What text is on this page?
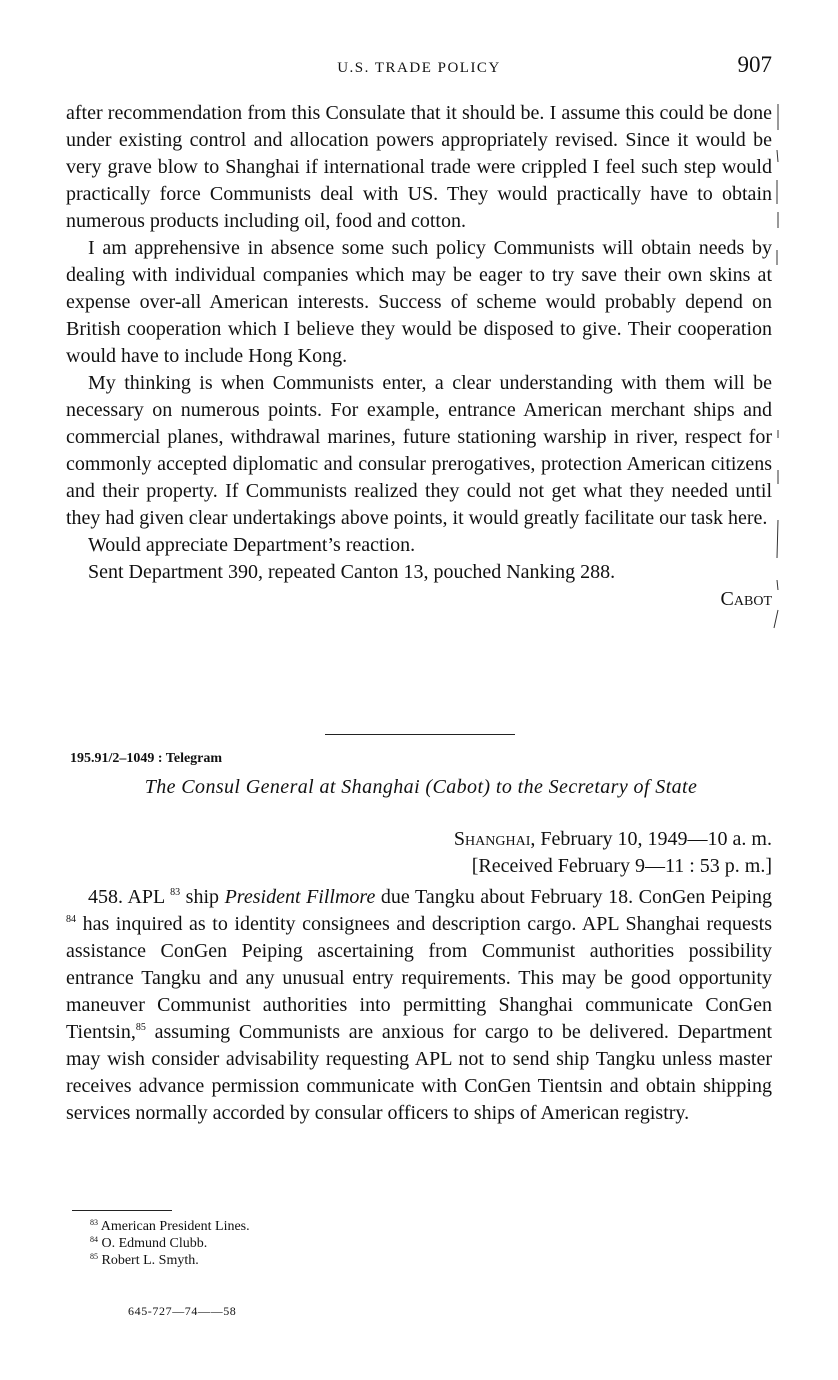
U.S. TRADE POLICY	907

after recommendation from this Consulate that it should be. I assume this could be done under existing control and allocation powers appropriately revised. Since it would be very grave blow to Shanghai if international trade were crippled I feel such step would practically force Communists deal with US. They would practically have to obtain numerous products including oil, food and cotton.

I am apprehensive in absence some such policy Communists will obtain needs by dealing with individual companies which may be eager to try save their own skins at expense over-all American interests. Success of scheme would probably depend on British cooperation which I believe they would be disposed to give. Their cooperation would have to include Hong Kong.

My thinking is when Communists enter, a clear understanding with them will be necessary on numerous points. For example, entrance American merchant ships and commercial planes, withdrawal marines, future stationing warship in river, respect for commonly accepted diplomatic and consular prerogatives, protection American citizens and their property. If Communists realized they could not get what they needed until they had given clear undertakings above points, it would greatly facilitate our task here.

Would appreciate Department’s reaction.

Sent Department 390, repeated Canton 13, pouched Nanking 288.

Cabot

195.91/2–1049 : Telegram
The Consul General at Shanghai (Cabot) to the Secretary of State
Shanghai, February 10, 1949—10 a. m.
[Received February 9—11 : 53 p. m.]

458. APL $^{83}$ ship President Fillmore due Tangku about February 18. ConGen Peiping $^{84}$ has inquired as to identity consignees and description cargo. APL Shanghai requests assistance ConGen Peiping ascertaining from Communist authorities possibility entrance Tangku and any unusual entry requirements. This may be good opportunity maneuver Communist authorities into permitting Shanghai communicate ConGen Tientsin,$^{85}$ assuming Communists are anxious for cargo to be delivered. Department may wish consider advisability requesting APL not to send ship Tangku unless master receives advance permission communicate with ConGen Tientsin and obtain shipping services normally accorded by consular officers to ships of American registry.

$^{83}$ American President Lines.
$^{84}$ O. Edmund Clubb.
$^{85}$ Robert L. Smyth.
645-727—74——58
